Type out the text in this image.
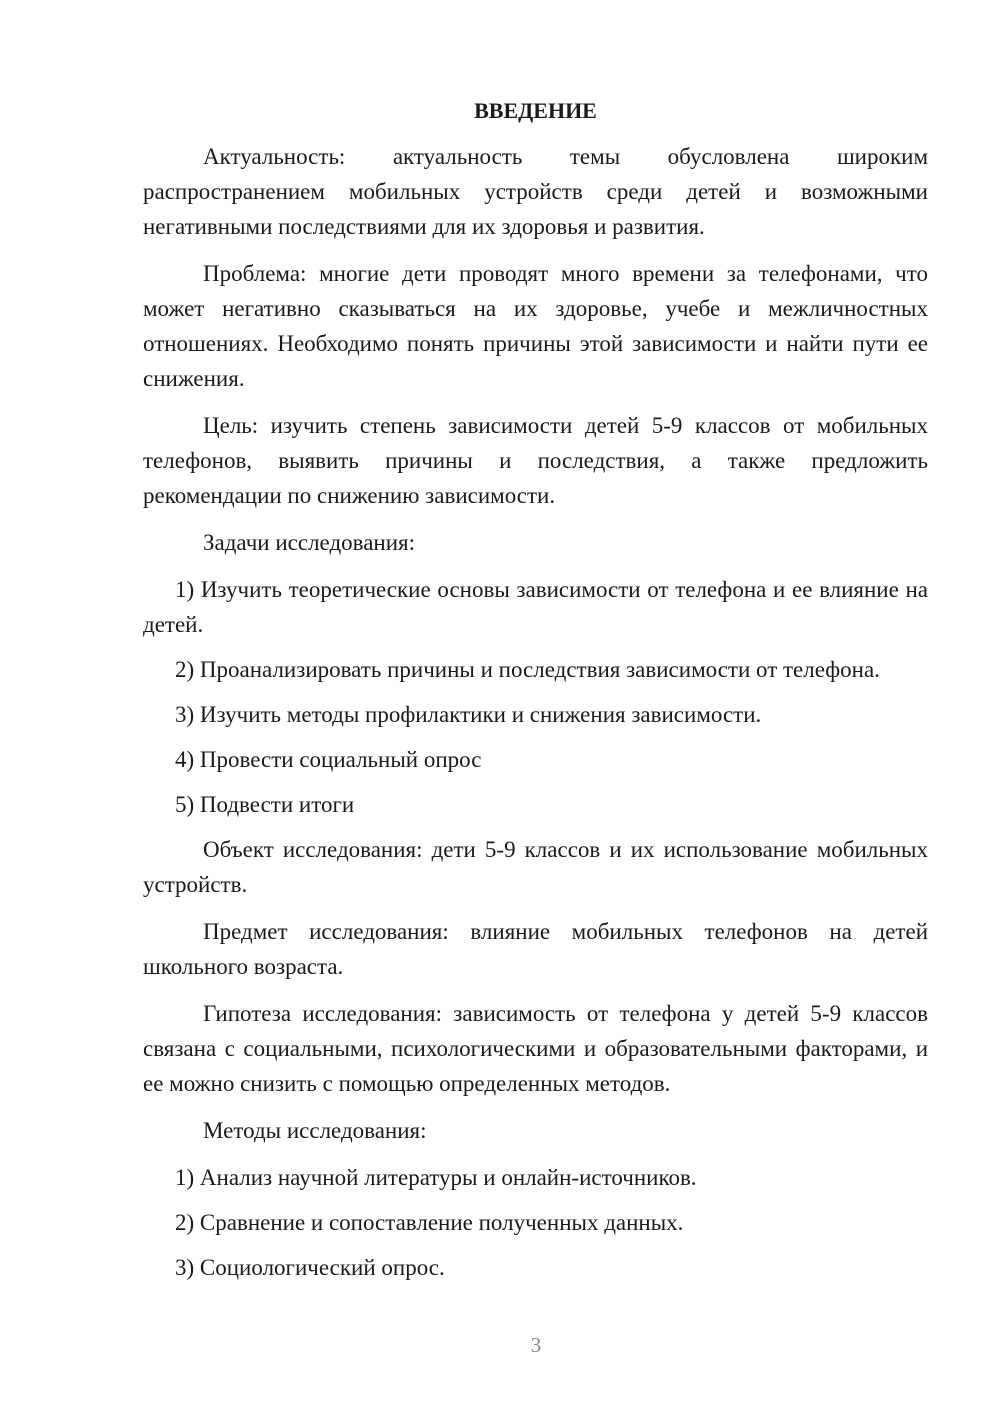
ВВЕДЕНИЕ

Актуальность: актуальность темы обусловлена широким распространением мобильных устройств среди детей и возможными негативными последствиями для их здоровья и развития.

Проблема: многие дети проводят много времени за телефонами, что может негативно сказываться на их здоровье, учебе и межличностных отношениях. Необходимо понять причины этой зависимости и найти пути ее снижения.

Цель: изучить степень зависимости детей 5-9 классов от мобильных телефонов, выявить причины и последствия, а также предложить рекомендации по снижению зависимости.

Задачи исследования:

1) Изучить теоретические основы зависимости от телефона и ее влияние на детей.

2) Проанализировать причины и последствия зависимости от телефона.

3) Изучить методы профилактики и снижения зависимости.

4) Провести социальный опрос

5) Подвести итоги

Объект исследования: дети 5-9 классов и их использование мобильных устройств.

Предмет исследования: влияние мобильных телефонов на детей школьного возраста.

Гипотеза исследования: зависимость от телефона у детей 5-9 классов связана с социальными, психологическими и образовательными факторами, и ее можно снизить с помощью определенных методов.

Методы исследования:

1) Анализ научной литературы и онлайн-источников.

2) Сравнение и сопоставление полученных данных.

3) Социологический опрос.

3
